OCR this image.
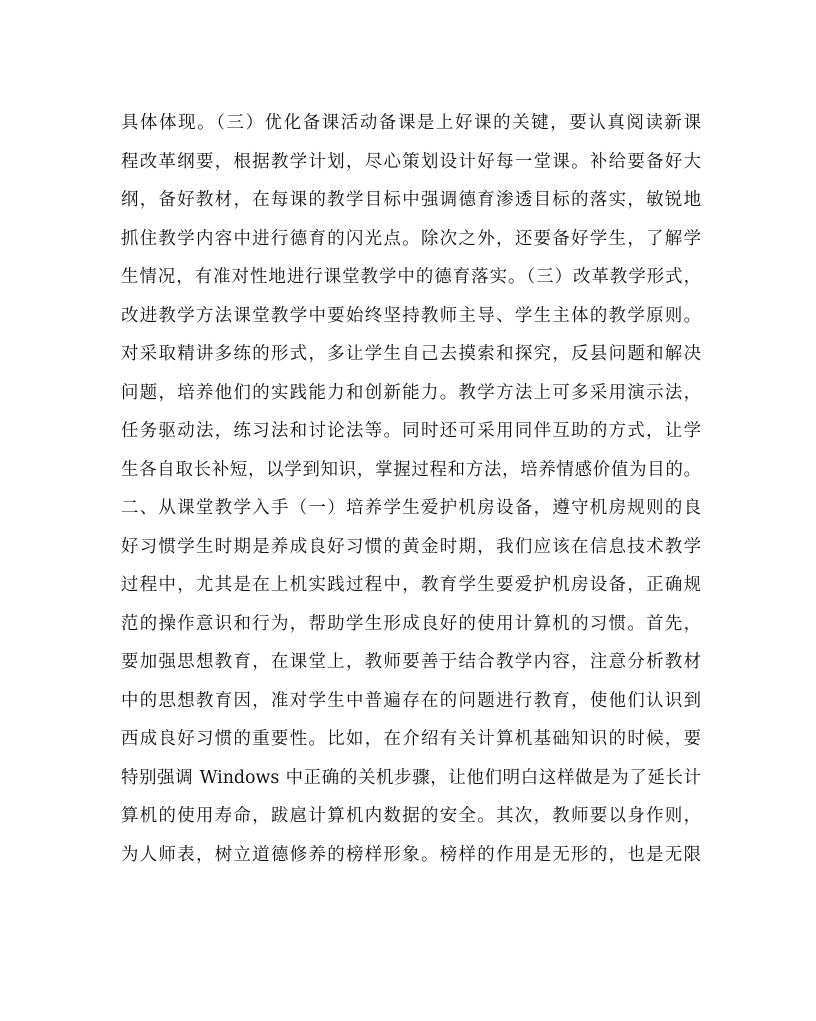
具体体现。（三）优化备课活动备课是上好课的关键，要认真阅读新课
程改革纲要，根据教学计划，尽心策划设计好每一堂课。补给要备好大
纲，备好教材，在每课的教学目标中强调德育渗透目标的落实，敏锐地
抓住教学内容中进行德育的闪光点。除次之外，还要备好学生，了解学
生情况，有准对性地进行课堂教学中的德育落实。（三）改革教学形式，
改进教学方法课堂教学中要始终坚持教师主导、学生主体的教学原则。
对采取精讲多练的形式，多让学生自己去摸索和探究，反县问题和解决
问题，培养他们的实践能力和创新能力。教学方法上可多采用演示法，
任务驱动法，练习法和讨论法等。同时还可采用同伴互助的方式，让学
生各自取长补短，以学到知识，掌握过程和方法，培养情感价值为目的。
二、从课堂教学入手（一）培养学生爱护机房设备，遵守机房规则的良
好习惯学生时期是养成良好习惯的黄金时期，我们应该在信息技术教学
过程中，尤其是在上机实践过程中，教育学生要爱护机房设备，正确规
范的操作意识和行为，帮助学生形成良好的使用计算机的习惯。首先，
要加强思想教育，在课堂上，教师要善于结合教学内容，注意分析教材
中的思想教育因，准对学生中普遍存在的问题进行教育，使他们认识到
西成良好习惯的重要性。比如，在介绍有关计算机基础知识的时候，要
特别强调 Windows 中正确的关机步骤，让他们明白这样做是为了延长计
算机的使用寿命，跋扈计算机内数据的安全。其次，教师要以身作则，
为人师表，树立道德修养的榜样形象。榜样的作用是无形的，也是无限
